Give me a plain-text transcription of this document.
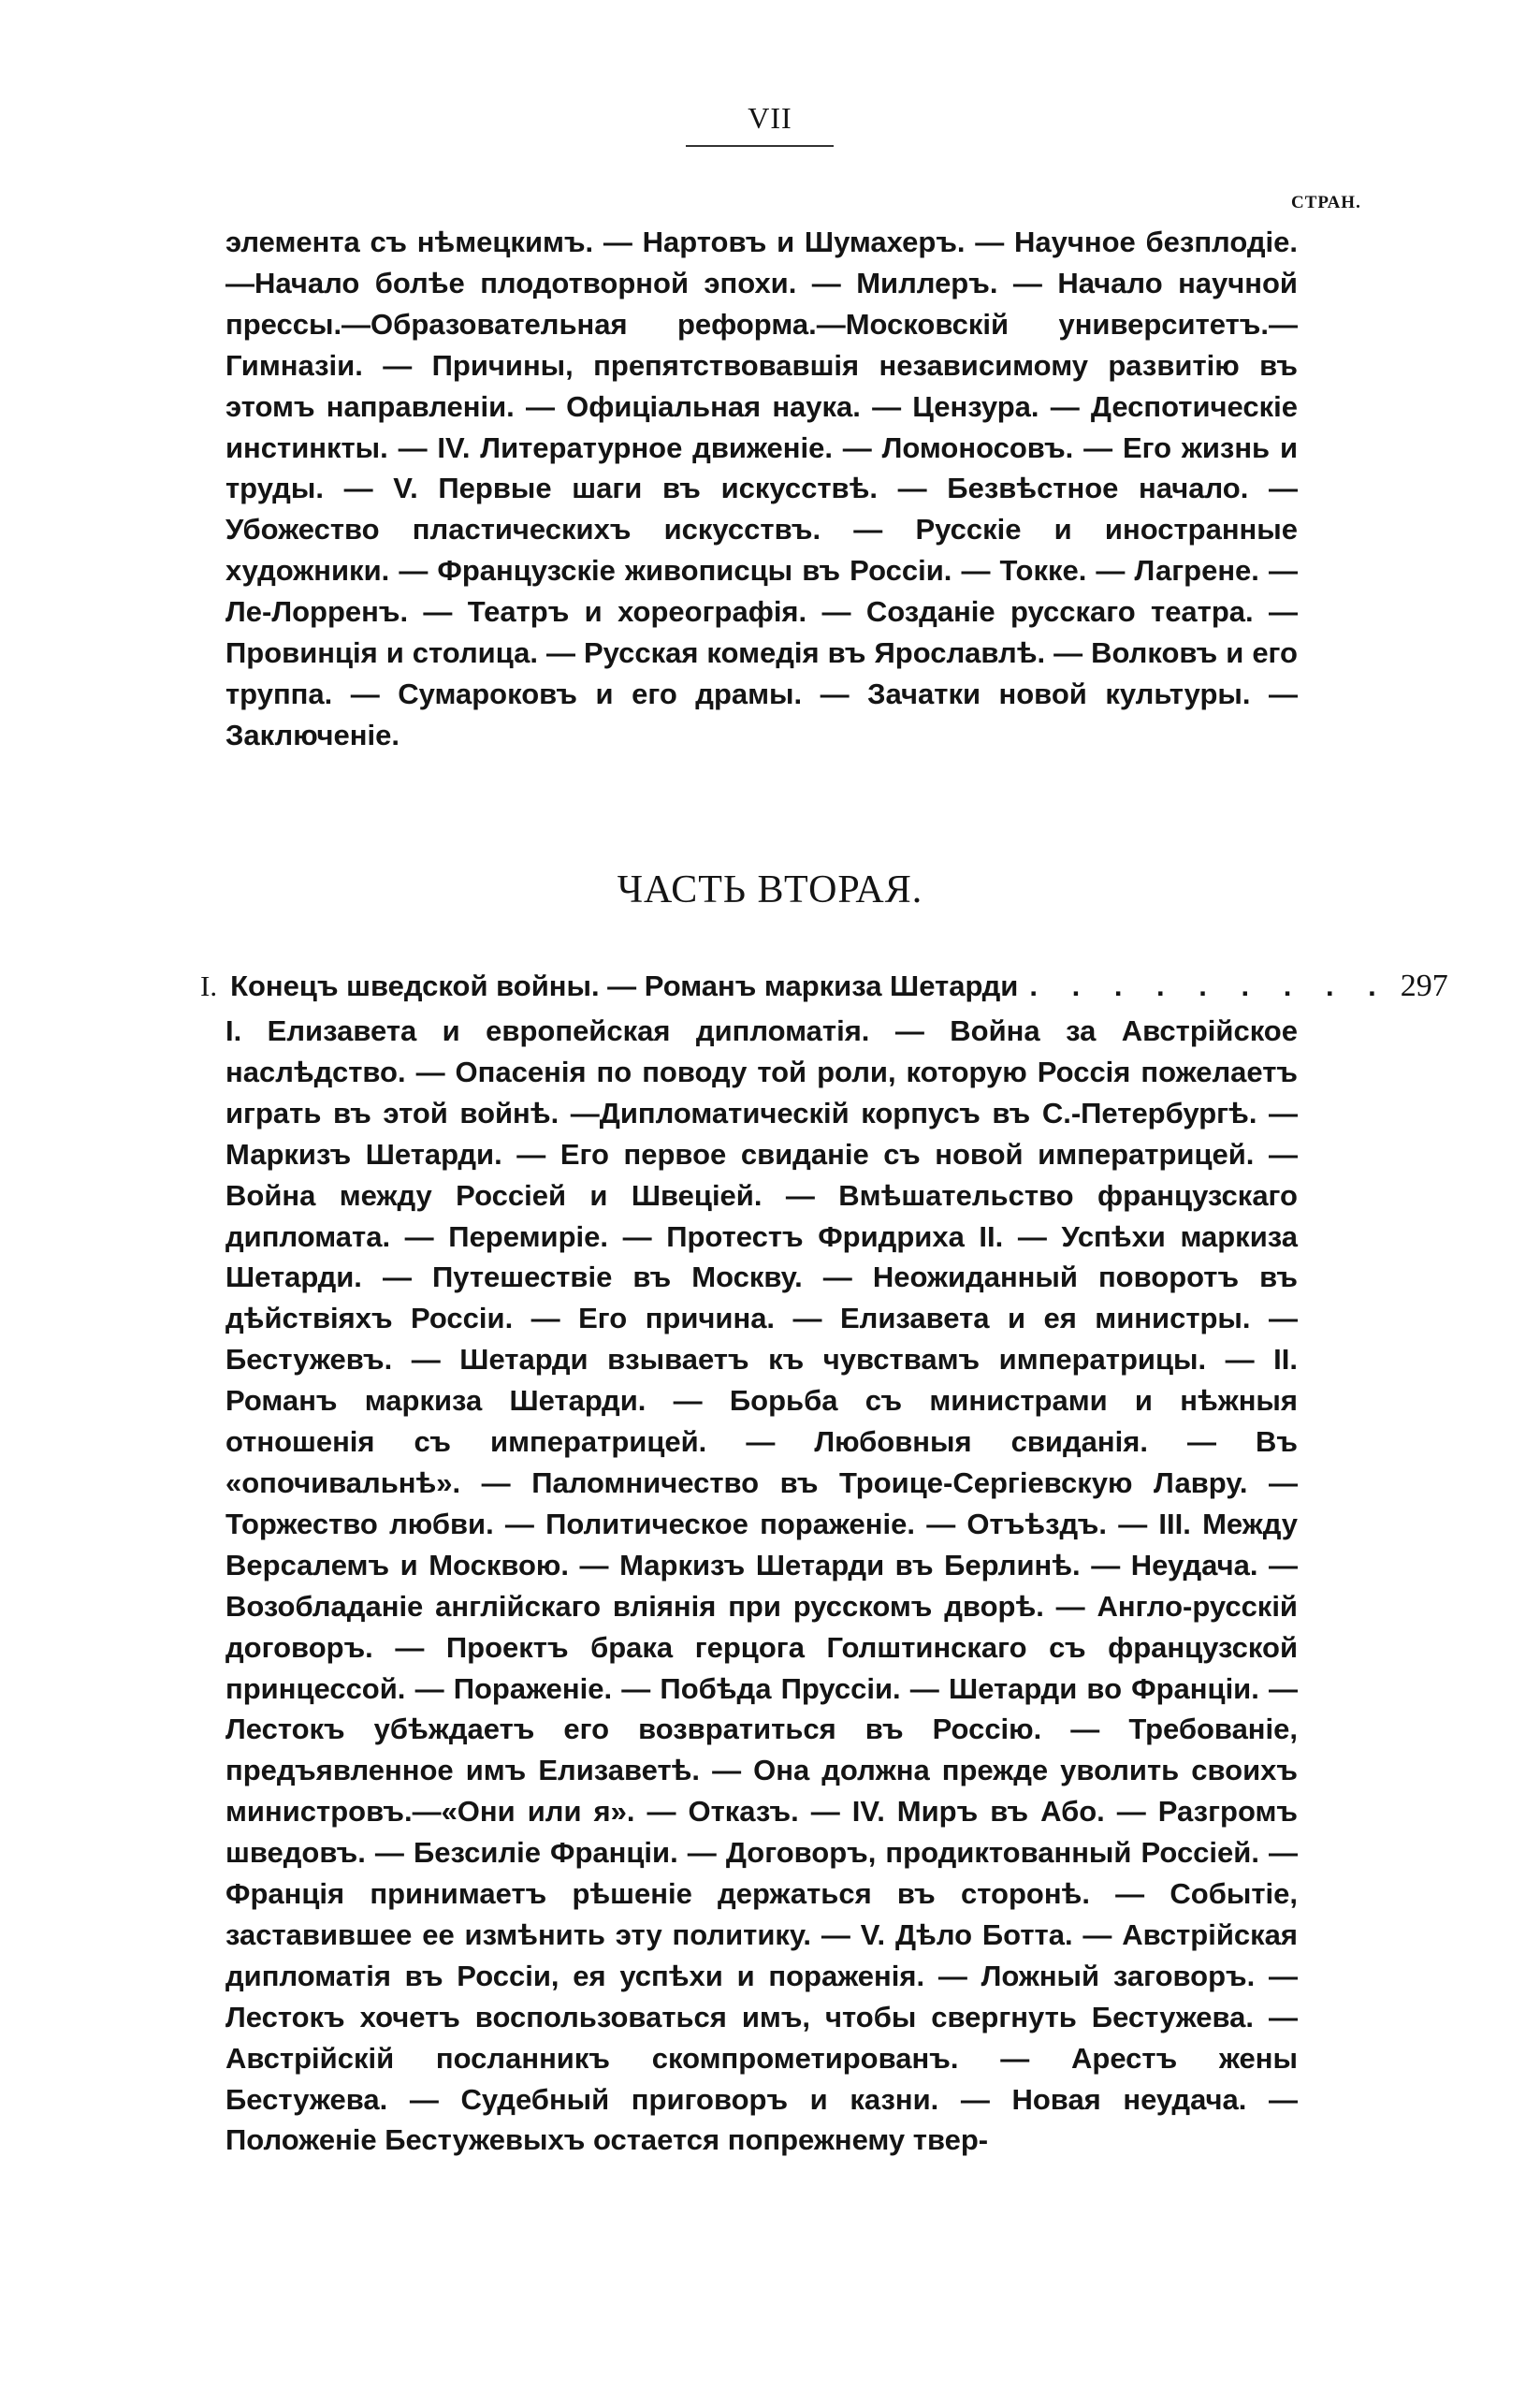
VII
СТРАН.
элемента съ нѣмецкимъ. — Нартовъ и Шумахеръ. — Научное безплодіе.—Начало болѣе плодотворной эпохи. — Миллеръ. — Начало научной прессы.—Образовательная реформа.—Московскій университетъ.—Гимназіи. — Причины, препятствовавшія независимому развитію въ этомъ направленіи. — Офиціальная наука. — Цензура. — Деспотическіе инстинкты. — IV. Литературное движеніе. — Ломоносовъ. — Его жизнь и труды. — V. Первые шаги въ искусствѣ. — Безвѣстное начало. — Убожество пластическихъ искусствъ. — Русскіе и иностранные художники. — Французскіе живописцы въ Россіи. — Токке. — Лагрене. — Ле-Лорренъ. — Театръ и хореографія. — Созданіе русскаго театра. — Провинція и столица. — Русская комедія въ Ярославлѣ. — Волковъ и его труппа. — Сумароковъ и его драмы. — Зачатки новой культуры. — Заключеніе.
ЧАСТЬ ВТОРАЯ.
I. Конецъ шведской войны. — Романъ маркиза Шетарди . . . . . . . . . 297
I. Елизавета и европейская дипломатія. — Война за Австрійское наслѣдство. — Опасенія по поводу той роли, которую Россія пожелаетъ играть въ этой войнѣ. —Дипломатическій корпусъ въ С.-Петербургѣ. — Маркизъ Шетарди. — Его первое свиданіе съ новой императрицей. — Война между Россіей и Швеціей. — Вмѣшательство французскаго дипломата. — Перемиріе. — Протестъ Фридриха II. — Успѣхи маркиза Шетарди. — Путешествіе въ Москву. — Неожиданный поворотъ въ дѣйствіяхъ Россіи. — Его причина. — Елизавета и ея министры. — Бестужевъ. — Шетарди взываетъ къ чувствамъ императрицы. — II. Романъ маркиза Шетарди. — Борьба съ министрами и нѣжныя отношенія съ императрицей. — Любовныя свиданія. — Въ «опочивальнѣ». — Паломничество въ Троице-Сергіевскую Лавру. — Торжество любви. — Политическое пораженіе. — Отъѣздъ. — III. Между Версалемъ и Москвою. — Маркизъ Шетарди въ Берлинѣ. — Неудача. — Возобладаніе англійскаго вліянія при русскомъ дворѣ. — Англо-русскій договоръ. — Проектъ брака герцога Голштинскаго съ французской принцессой. — Пораженіе. — Побѣда Пруссіи. — Шетарди во Франціи. — Лестокъ убѣждаетъ его возвратиться въ Россію. — Требованіе, предъявленное имъ Елизаветѣ. — Она должна прежде уволить своихъ министровъ.—«Они или я». — Отказъ. — IV. Миръ въ Або. — Разгромъ шведовъ. — Безсиліе Франціи. — Договоръ, продиктованный Россіей. — Франція принимаетъ рѣшеніе держаться въ сторонѣ. — Событіе, заставившее ее измѣнить эту политику. — V. Дѣло Ботта. — Австрійская дипломатія въ Россіи, ея успѣхи и пораженія. — Ложный заговоръ. — Лестокъ хочетъ воспользоваться имъ, чтобы свергнуть Бестужева. — Австрійскій посланникъ скомпрометированъ. — Арестъ жены Бестужева. — Судебный приговоръ и казни. — Новая неудача. — Положеніе Бестужевыхъ остается попрежнему твер-
